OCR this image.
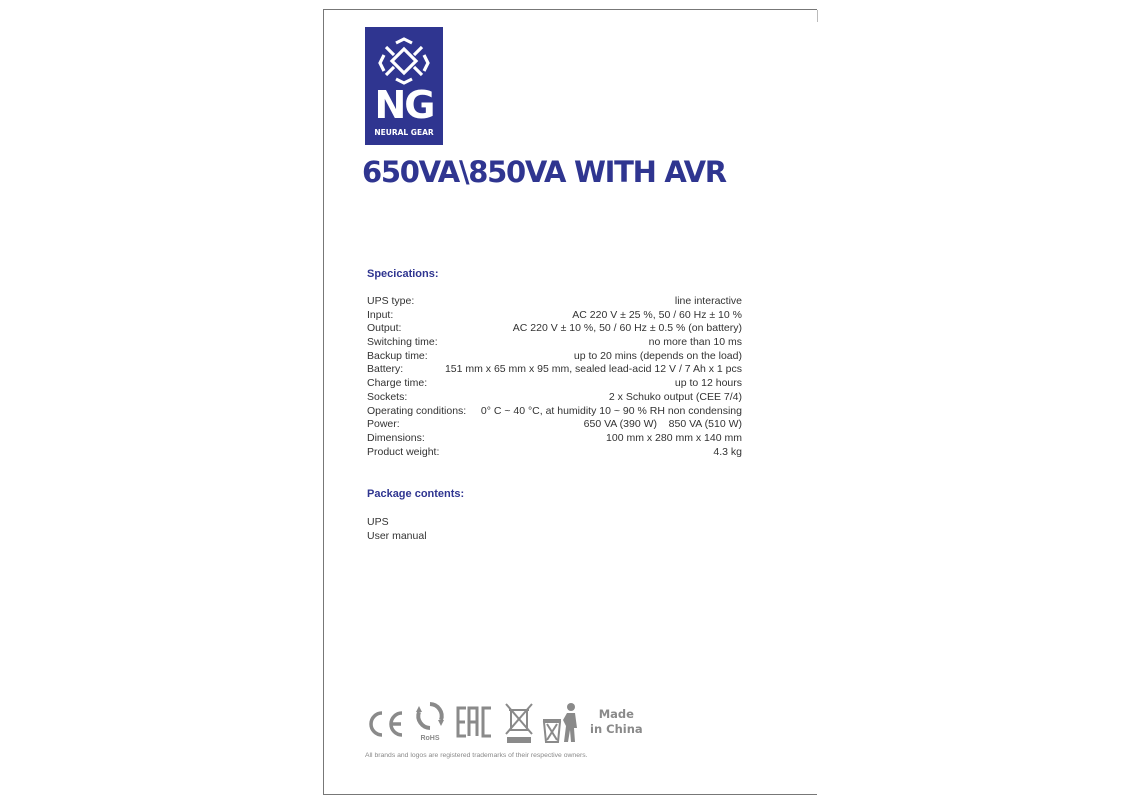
NG
NEURAL GEAR
650VA\850VA WITH AVR
Specications:
UPS type:	line interactive
Input:	AC 220 V ± 25 %, 50 / 60 Hz ± 10 %
Output:	AC 220 V ± 10 %, 50 / 60 Hz ± 0.5 % (on battery)
Switching time:	no more than 10 ms
Backup time:	up to 20 mins (depends on the load)
Battery:	151 mm x 65 mm x 95 mm, sealed lead-acid 12 V / 7 Ah x 1 pcs
Charge time:	up to 12 hours
Sockets:	2 x Schuko output (CEE 7/4)
Operating conditions: 0° C ~ 40 °C, at humidity 10 ~ 90 % RH non condensing
Power:	650 VA (390 W)    850 VA (510 W)
Dimensions:	100 mm x 280 mm x 140 mm
Product weight:	4.3 kg
Package contents:
UPS
User manual
RoHS
Made
in China
All brands and logos are registered trademarks of their respective owners.
